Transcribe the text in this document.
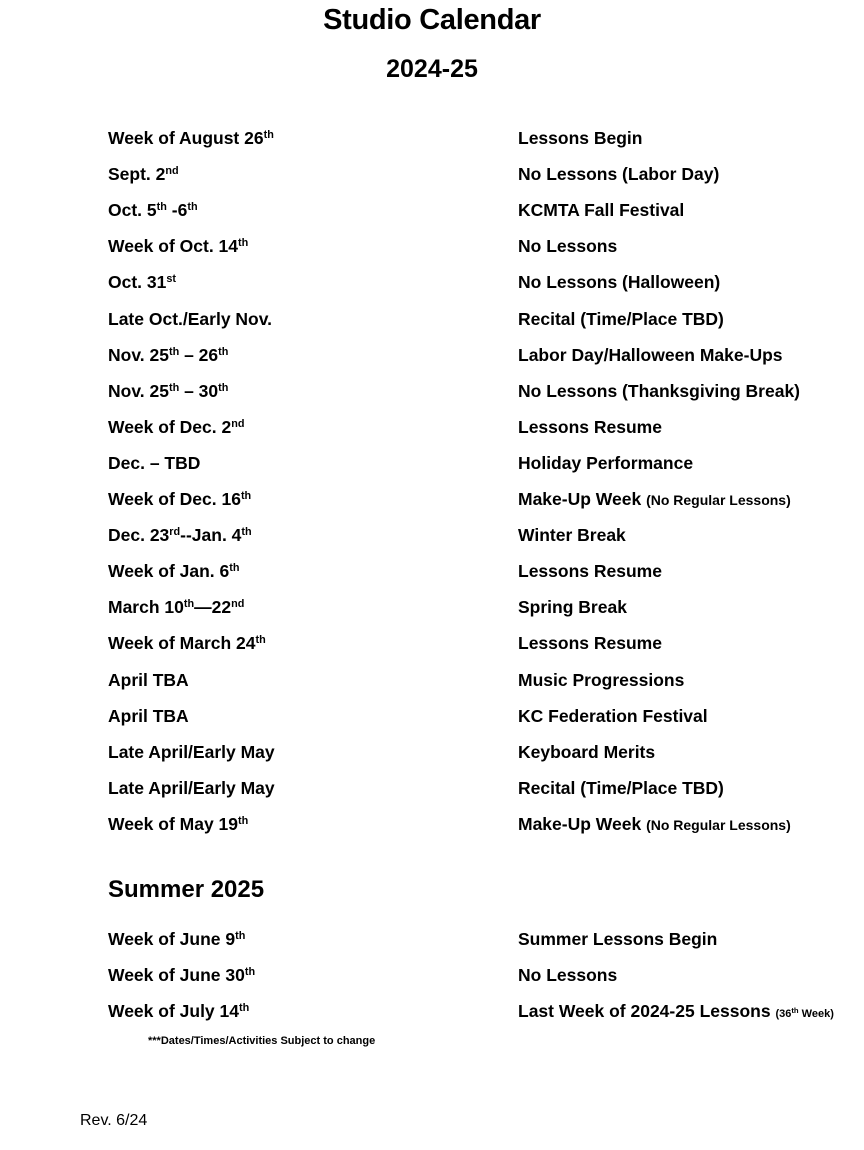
Studio Calendar
2024-25
Week of August 26th	Lessons Begin
Sept. 2nd	No Lessons (Labor Day)
Oct. 5th -6th	KCMTA Fall Festival
Week of Oct. 14th	No Lessons
Oct. 31st	No Lessons (Halloween)
Late Oct./Early Nov.	Recital (Time/Place TBD)
Nov. 25th – 26th	Labor Day/Halloween Make-Ups
Nov. 25th – 30th	No Lessons (Thanksgiving Break)
Week of Dec. 2nd	Lessons Resume
Dec. – TBD	Holiday Performance
Week of Dec. 16th	Make-Up Week (No Regular Lessons)
Dec. 23rd--Jan. 4th	Winter Break
Week of Jan. 6th	Lessons Resume
March 10th—22nd	Spring Break
Week of March 24th	Lessons Resume
April TBA	Music Progressions
April TBA	KC Federation Festival
Late April/Early May	Keyboard Merits
Late April/Early May	Recital (Time/Place TBD)
Week of May 19th	Make-Up Week (No Regular Lessons)
Summer 2025
Week of June 9th	Summer Lessons Begin
Week of June 30th	No Lessons
Week of July 14th	Last Week of 2024-25 Lessons (36th Week)
***Dates/Times/Activities Subject to change
Rev. 6/24
